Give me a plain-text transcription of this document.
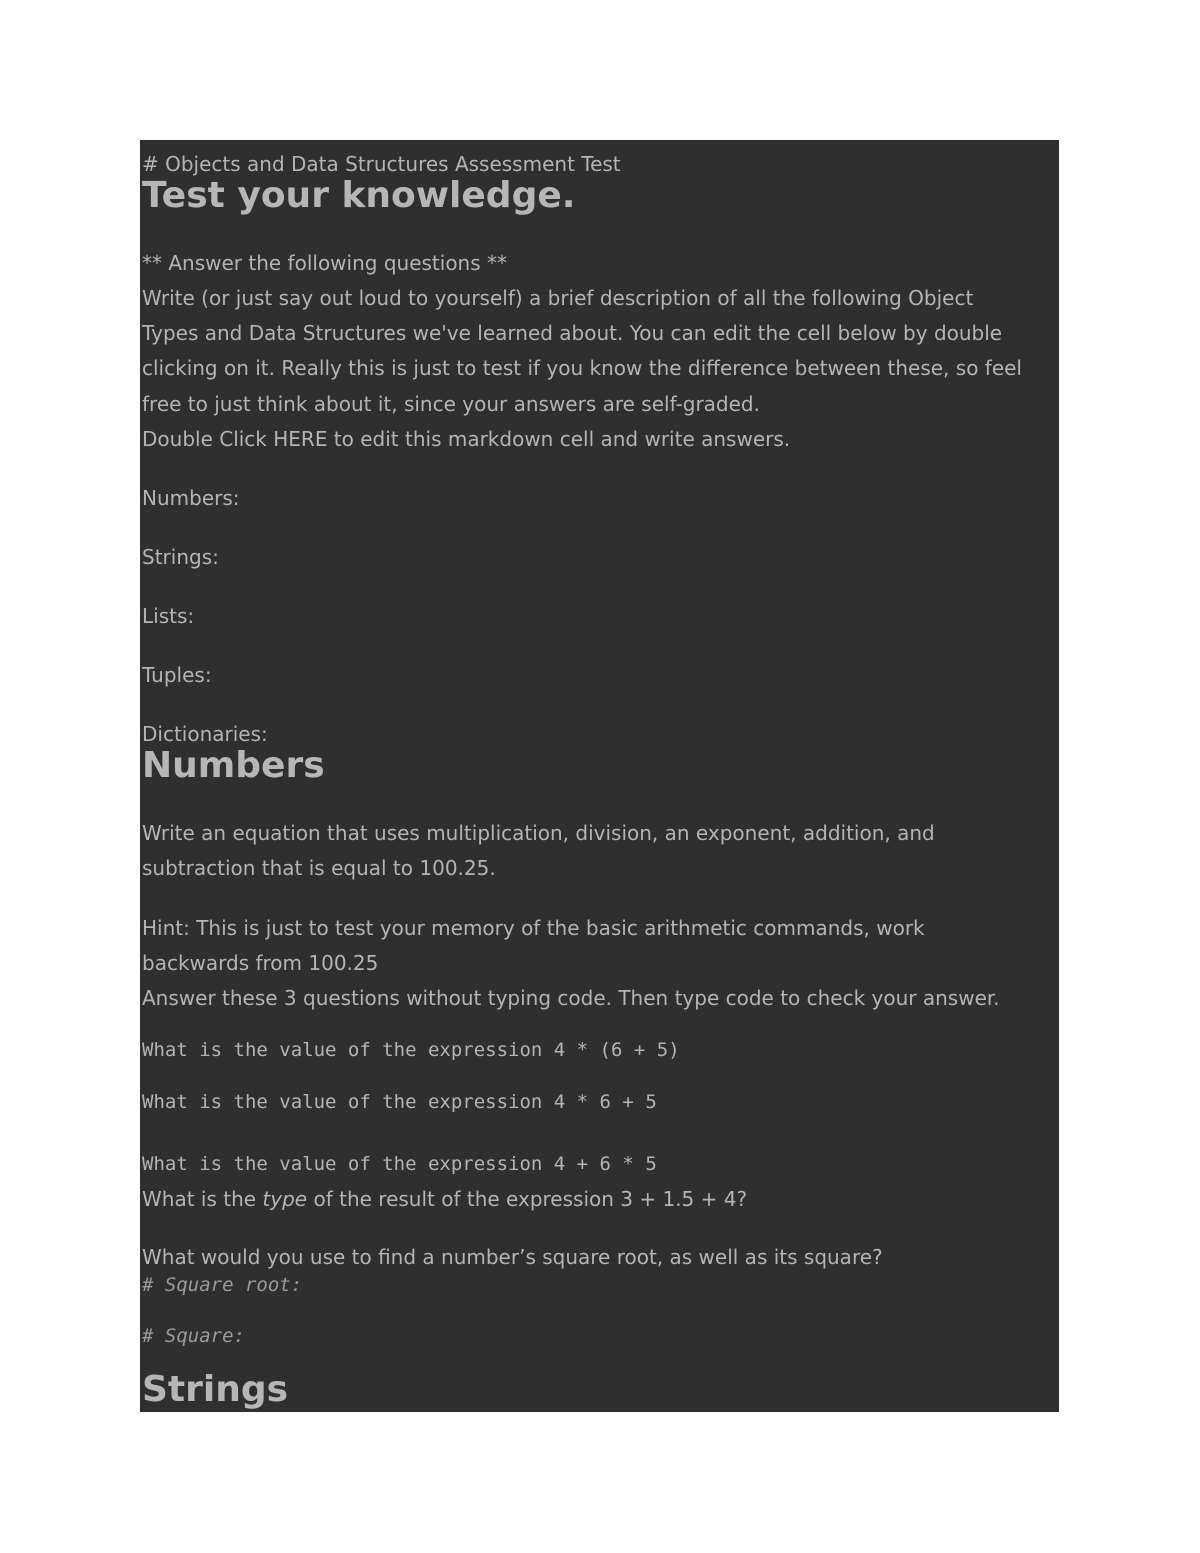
# Objects and Data Structures Assessment Test
Test your knowledge.
** Answer the following questions **
Write (or just say out loud to yourself) a brief description of all the following Object
Types and Data Structures we've learned about. You can edit the cell below by double
clicking on it. Really this is just to test if you know the difference between these, so feel
free to just think about it, since your answers are self-graded.
Double Click HERE to edit this markdown cell and write answers.
Numbers:
Strings:
Lists:
Tuples:
Dictionaries:
Numbers
Write an equation that uses multiplication, division, an exponent, addition, and
subtraction that is equal to 100.25.
Hint: This is just to test your memory of the basic arithmetic commands, work
backwards from 100.25
Answer these 3 questions without typing code. Then type code to check your answer.
What is the value of the expression 4 * (6 + 5)
What is the value of the expression 4 * 6 + 5
What is the value of the expression 4 + 6 * 5
What is the type of the result of the expression 3 + 1.5 + 4?
What would you use to find a number’s square root, as well as its square?
# Square root:
# Square:
Strings
